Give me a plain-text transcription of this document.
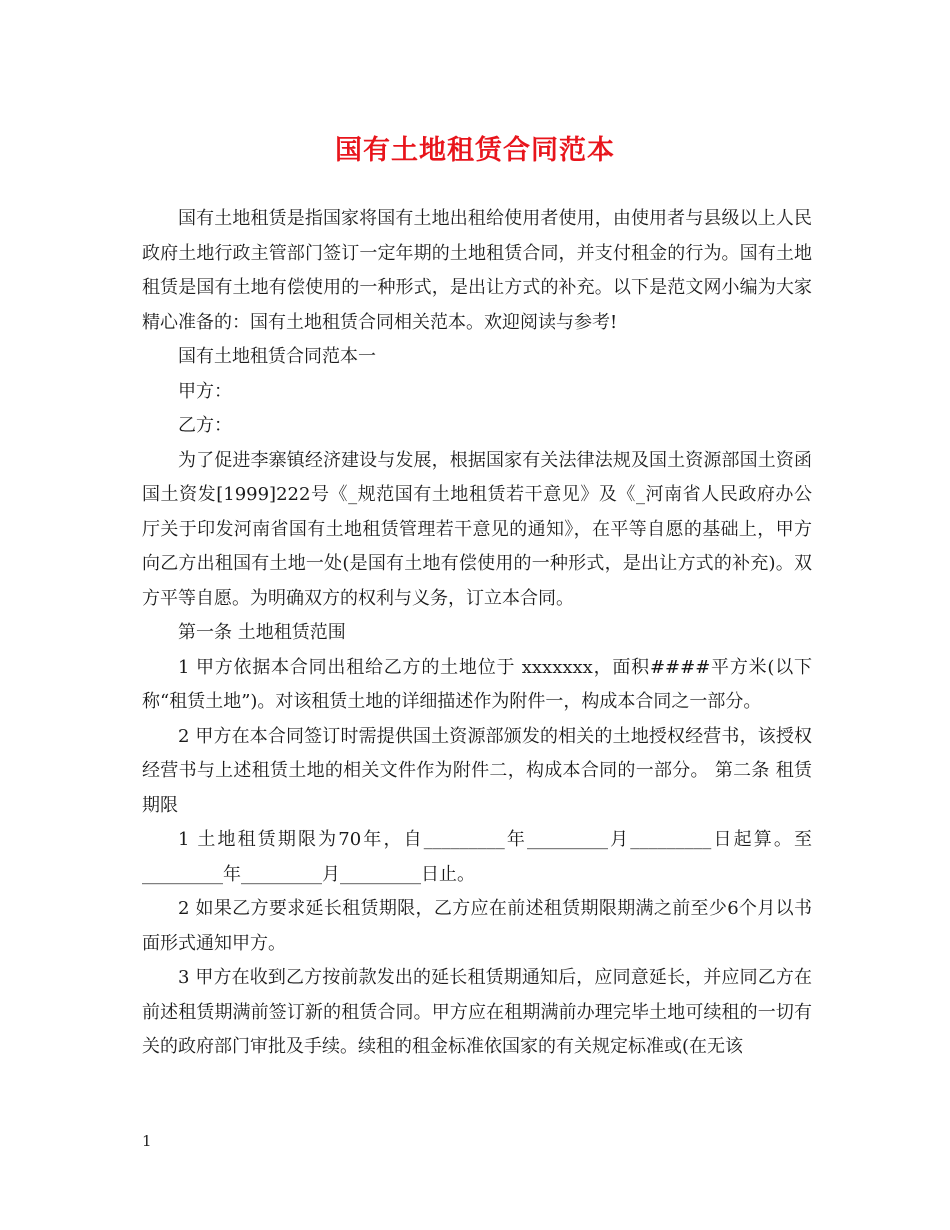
国有土地租赁合同范本

国有土地租赁是指国家将国有土地出租给使用者使用，由使用者与县级以上人民政府土地行政主管部门签订一定年期的土地租赁合同，并支付租金的行为。国有土地租赁是国有土地有偿使用的一种形式，是出让方式的补充。以下是范文网小编为大家精心准备的：国有土地租赁合同相关范本。欢迎阅读与参考!

国有土地租赁合同范本一

甲方：

乙方：

为了促进李寨镇经济建设与发展，根据国家有关法律法规及国土资源部国土资函国土资发[1999]222号《_规范国有土地租赁若干意见》及《_河南省人民政府办公厅关于印发河南省国有土地租赁管理若干意见的通知》，在平等自愿的基础上，甲方向乙方出租国有土地一处(是国有土地有偿使用的一种形式，是出让方式的补充)。双方平等自愿。为明确双方的权利与义务，订立本合同。

第一条 土地租赁范围

1 甲方依据本合同出租给乙方的土地位于 xxxxxxx，面积####平方米(以下称“租赁土地”)。对该租赁土地的详细描述作为附件一，构成本合同之一部分。

2 甲方在本合同签订时需提供国土资源部颁发的相关的土地授权经营书，该授权经营书与上述租赁土地的相关文件作为附件二，构成本合同的一部分。 第二条 租赁期限

1 土地租赁期限为70年，自_________年_________月_________日起算。至_________年_________月_________日止。

2 如果乙方要求延长租赁期限，乙方应在前述租赁期限期满之前至少6个月以书面形式通知甲方。

3 甲方在收到乙方按前款发出的延长租赁期通知后，应同意延长，并应同乙方在前述租赁期满前签订新的租赁合同。甲方应在租期满前办理完毕土地可续租的一切有关的政府部门审批及手续。续租的租金标准依国家的有关规定标准或(在无该

1
